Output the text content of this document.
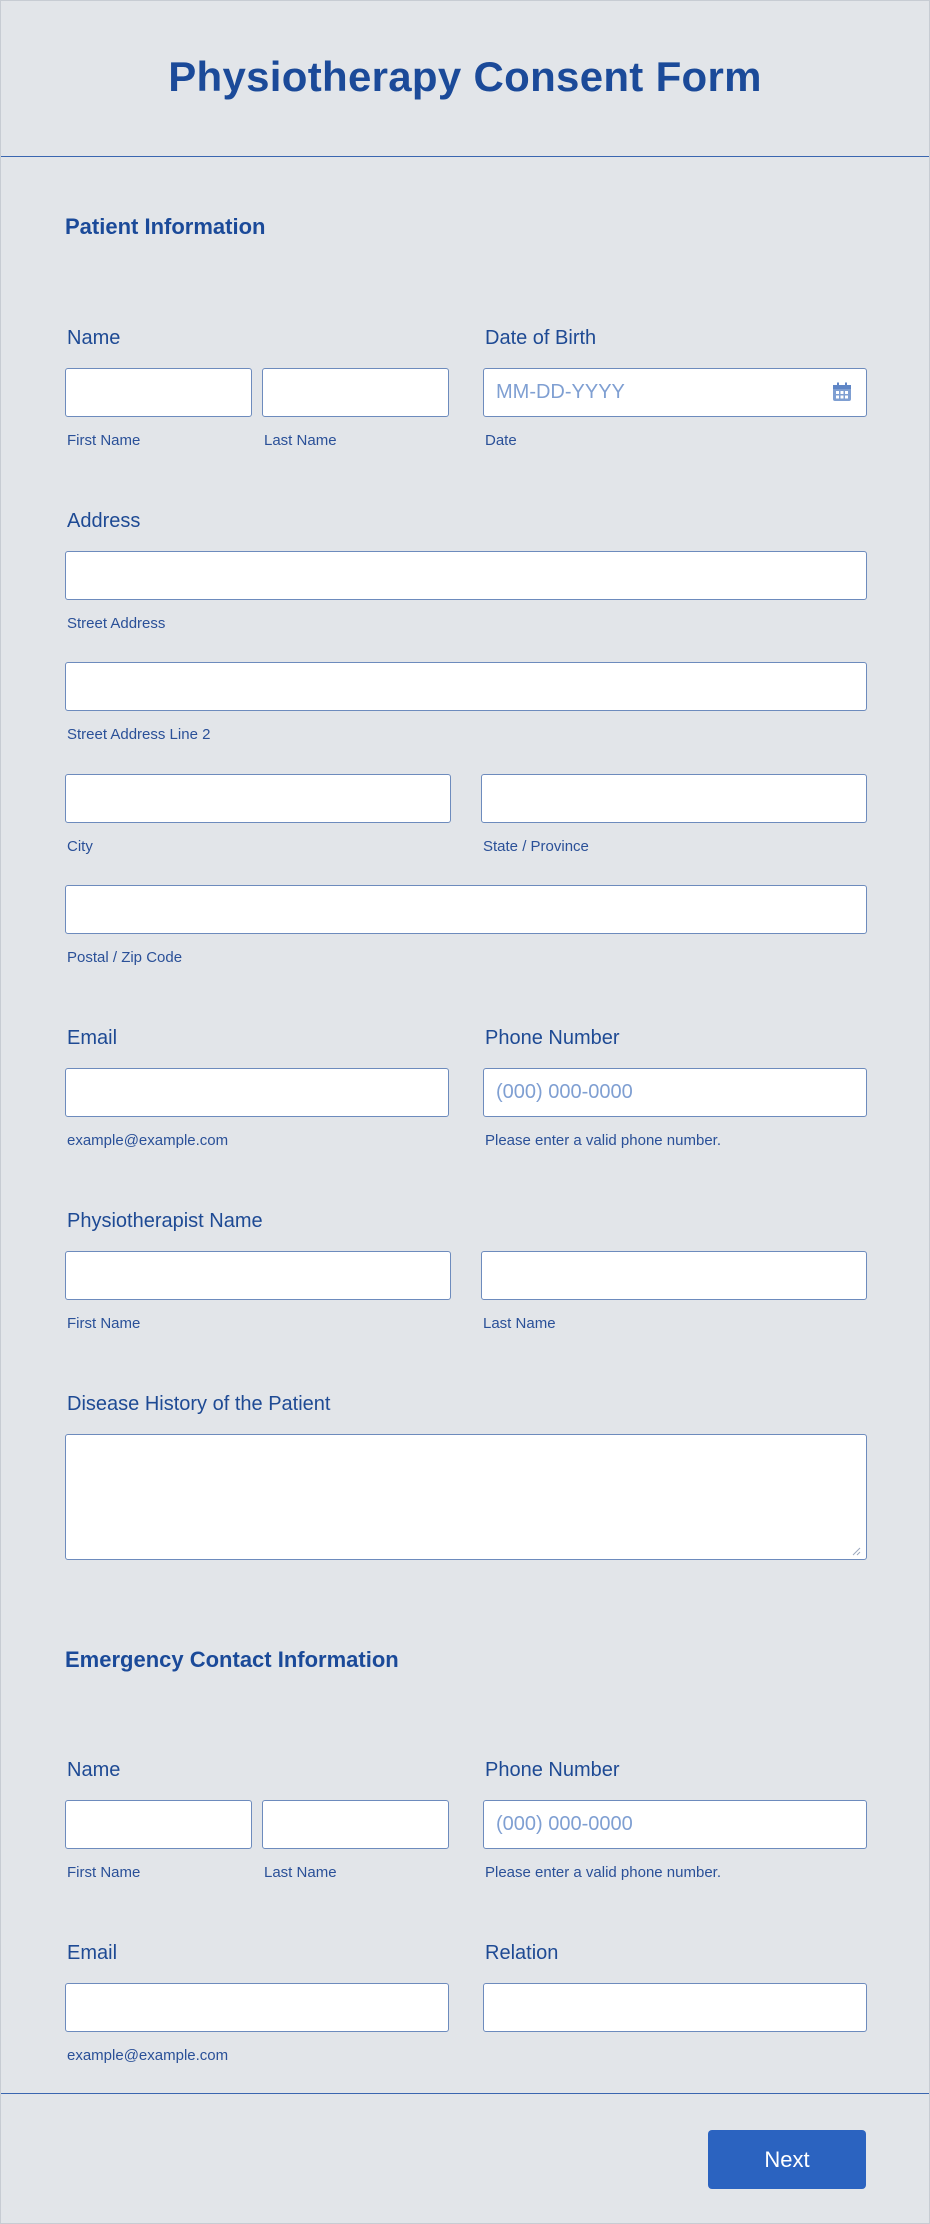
Physiotherapy Consent Form
Patient Information
Name
First Name	Last Name
Date of Birth
MM-DD-YYYY
Date
Address
Street Address
Street Address Line 2
City	State / Province
Postal / Zip Code
Email
example@example.com
Phone Number
(000) 000-0000
Please enter a valid phone number.
Physiotherapist Name
First Name	Last Name
Disease History of the Patient
Emergency Contact Information
Name
First Name	Last Name
Phone Number
(000) 000-0000
Please enter a valid phone number.
Email
example@example.com
Relation
Next
